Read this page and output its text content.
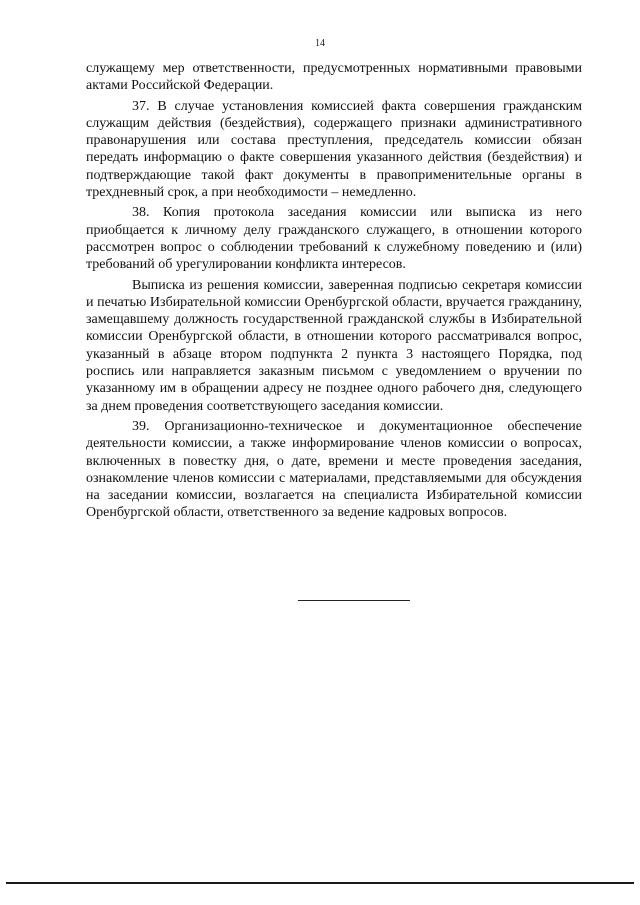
14

служащему мер ответственности, предусмотренных нормативными правовыми актами Российской Федерации.

37. В случае установления комиссией факта совершения гражданским служащим действия (бездействия), содержащего признаки административного правонарушения или состава преступления, председатель комиссии обязан передать информацию о факте совершения указанного действия (бездействия) и подтверждающие такой факт документы в правоприменительные органы в трехдневный срок, а при необходимости – немедленно.

38. Копия протокола заседания комиссии или выписка из него приобщается к личному делу гражданского служащего, в отношении которого рассмотрен вопрос о соблюдении требований к служебному поведению и (или) требований об урегулировании конфликта интересов.

Выписка из решения комиссии, заверенная подписью секретаря комиссии и печатью Избирательной комиссии Оренбургской области, вручается гражданину, замещавшему должность государственной гражданской службы в Избирательной комиссии Оренбургской области, в отношении которого рассматривался вопрос, указанный в абзаце втором подпункта 2 пункта 3 настоящего Порядка, под роспись или направляется заказным письмом с уведомлением о вручении по указанному им в обращении адресу не позднее одного рабочего дня, следующего за днем проведения соответствующего заседания комиссии.

39. Организационно-техническое и документационное обеспечение деятельности комиссии, а также информирование членов комиссии о вопросах, включенных в повестку дня, о дате, времени и месте проведения заседания, ознакомление членов комиссии с материалами, представляемыми для обсуждения на заседании комиссии, возлагается на специалиста Избирательной комиссии Оренбургской области, ответственного за ведение кадровых вопросов.
